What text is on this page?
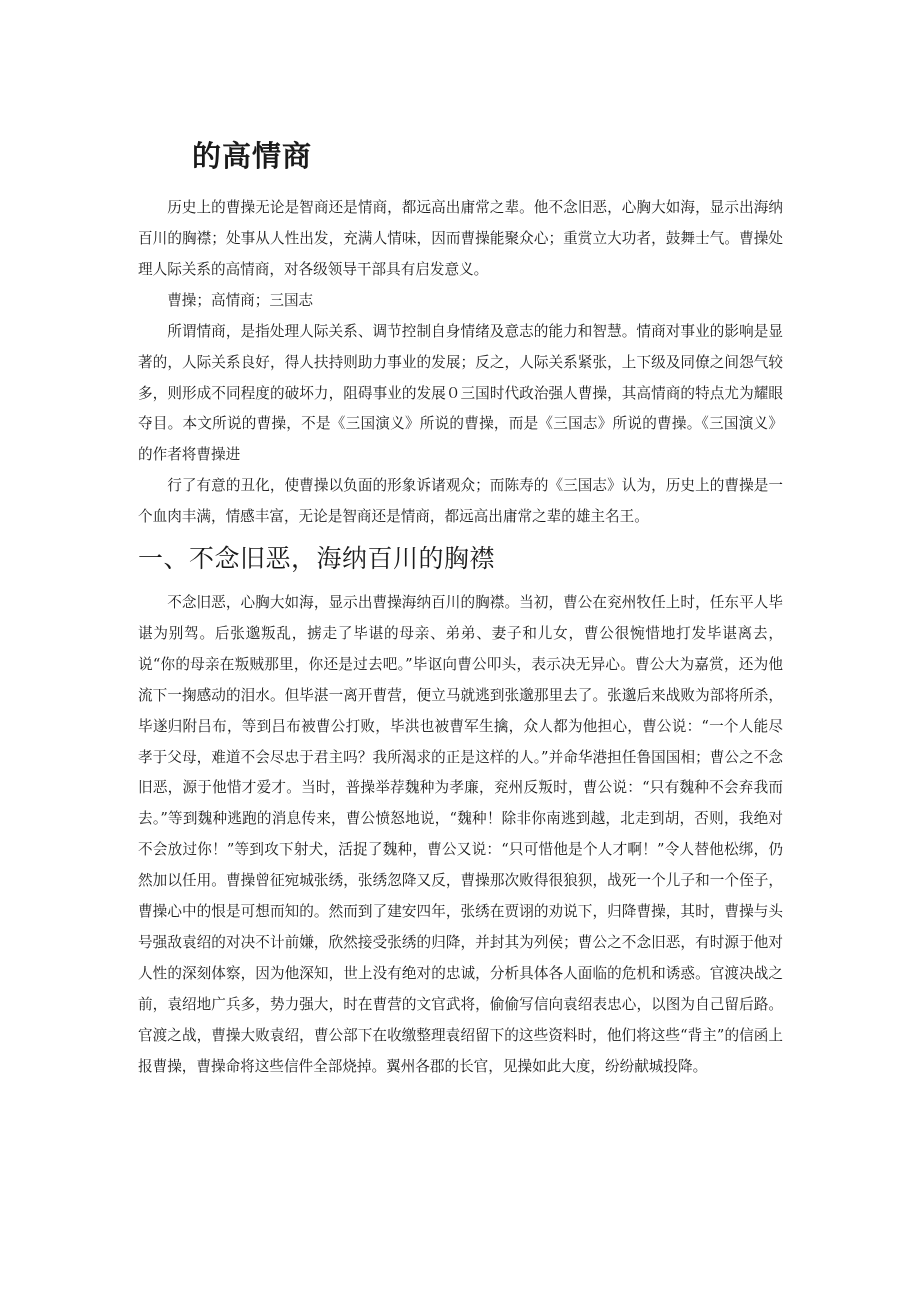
的高情商

历史上的曹操无论是智商还是情商，都远高出庸常之辈。他不念旧恶，心胸大如海，显示出海纳百川的胸襟；处事从人性出发，充满人情味，因而曹操能聚众心；重赏立大功者，鼓舞士气。曹操处理人际关系的高情商，对各级领导干部具有启发意义。

曹操；高情商；三国志

所谓情商，是指处理人际关系、调节控制自身情绪及意志的能力和智慧。情商对事业的影响是显著的，人际关系良好，得人扶持则助力事业的发展；反之，人际关系紧张，上下级及同僚之间怨气较多，则形成不同程度的破坏力，阻碍事业的发展０三国时代政治强人曹操，其高情商的特点尤为耀眼夺目。本文所说的曹操，不是《三国演义》所说的曹操，而是《三国志》所说的曹操。《三国演义》的作者将曹操进

行了有意的丑化，使曹操以负面的形象诉诸观众；而陈寿的《三国志》认为，历史上的曹操是一个血肉丰满，情感丰富，无论是智商还是情商，都远高出庸常之辈的雄主名王。

一、不念旧恶，海纳百川的胸襟

不念旧恶，心胸大如海，显示出曹操海纳百川的胸襟。当初，曹公在兖州牧任上时，任东平人毕谌为别驾。后张邈叛乱，掳走了毕谌的母亲、弟弟、妻子和儿女，曹公很惋惜地打发毕谌离去，说“你的母亲在叛贼那里，你还是过去吧。”毕讴向曹公叩头，表示决无异心。曹公大为嘉赏，还为他流下一掬感动的泪水。但毕湛一离开曹营，便立马就逃到张邈那里去了。张邈后来战败为部将所杀，毕遂归附吕布，等到吕布被曹公打败，毕洪也被曹军生擒，众人都为他担心，曹公说：“一个人能尽孝于父母，难道不会尽忠于君主吗？我所渴求的正是这样的人。”并命华港担任鲁国国相；曹公之不念旧恶，源于他惜才爱才。当时，普操举荐魏种为孝廉，兖州反叛时，曹公说：“只有魏种不会弃我而去。”等到魏种逃跑的消息传来，曹公愤怒地说，“魏种！除非你南逃到越，北走到胡，否则，我绝对不会放过你！”等到攻下射犬，活捉了魏种，曹公又说：“只可惜他是个人才啊！”令人替他松绑，仍然加以任用。曹操曾征宛城张绣，张绣忽降又反，曹操那次败得很狼狈，战死一个儿子和一个侄子，曹操心中的恨是可想而知的。然而到了建安四年，张绣在贾诩的劝说下，归降曹操，其时，曹操与头号强敌袁绍的对决不计前嫌，欣然接受张绣的归降，并封其为列侯；曹公之不念旧恶，有时源于他对人性的深刻体察，因为他深知，世上没有绝对的忠诚，分析具体各人面临的危机和诱惑。官渡决战之前，袁绍地广兵多，势力强大，时在曹营的文官武将，偷偷写信向袁绍表忠心，以图为自己留后路。官渡之战，曹操大败袁绍，曹公部下在收缴整理袁绍留下的这些资料时，他们将这些“背主”的信函上报曹操，曹操命将这些信件全部烧掉。翼州各郡的长官，见操如此大度，纷纷献城投降。
